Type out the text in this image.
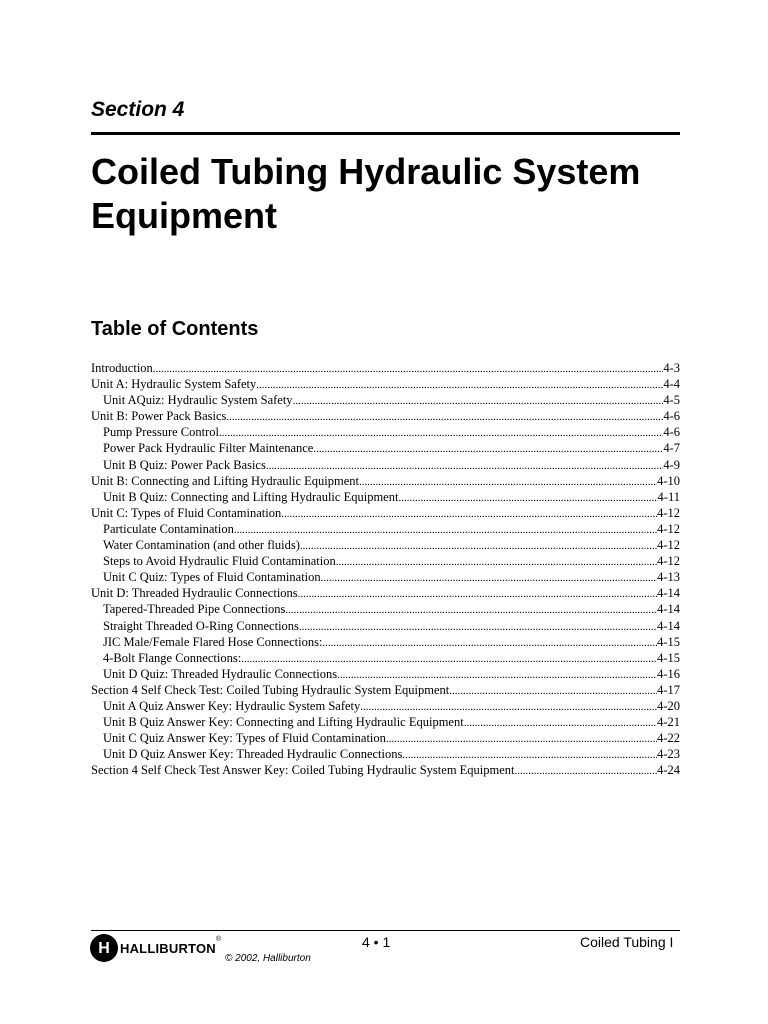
Section 4
Coiled Tubing Hydraulic System Equipment
Table of Contents
Introduction .....	4-3
Unit A: Hydraulic System Safety .....	4-4
Unit AQuiz: Hydraulic System Safety .....	4-5
Unit B: Power Pack Basics .....	4-6
Pump Pressure Control .....	4-6
Power Pack Hydraulic Filter Maintenance .....	4-7
Unit B Quiz: Power Pack Basics .....	4-9
Unit B: Connecting and Lifting Hydraulic Equipment .....	4-10
Unit B Quiz: Connecting and Lifting Hydraulic Equipment .....	4-11
Unit C: Types of Fluid Contamination .....	4-12
Particulate Contamination .....	4-12
Water Contamination (and other fluids) .....	4-12
Steps to Avoid Hydraulic Fluid Contamination .....	4-12
Unit C Quiz: Types of Fluid Contamination .....	4-13
Unit D: Threaded Hydraulic Connections .....	4-14
Tapered-Threaded Pipe Connections .....	4-14
Straight Threaded O-Ring Connections .....	4-14
JIC Male/Female Flared Hose Connections: .....	4-15
4-Bolt Flange Connections: .....	4-15
Unit D Quiz: Threaded Hydraulic Connections .....	4-16
Section 4 Self Check Test: Coiled Tubing Hydraulic System Equipment .....	4-17
Unit A Quiz Answer Key: Hydraulic System Safety .....	4-20
Unit B Quiz Answer Key: Connecting and Lifting Hydraulic Equipment .....	4-21
Unit C Quiz Answer Key: Types of Fluid Contamination .....	4-22
Unit D Quiz Answer Key: Threaded Hydraulic Connections .....	4-23
Section 4 Self Check Test Answer Key: Coiled Tubing Hydraulic System Equipment .....	4-24
H HALLIBURTON
®	4 • 1	Coiled Tubing I
© 2002, Halliburton
